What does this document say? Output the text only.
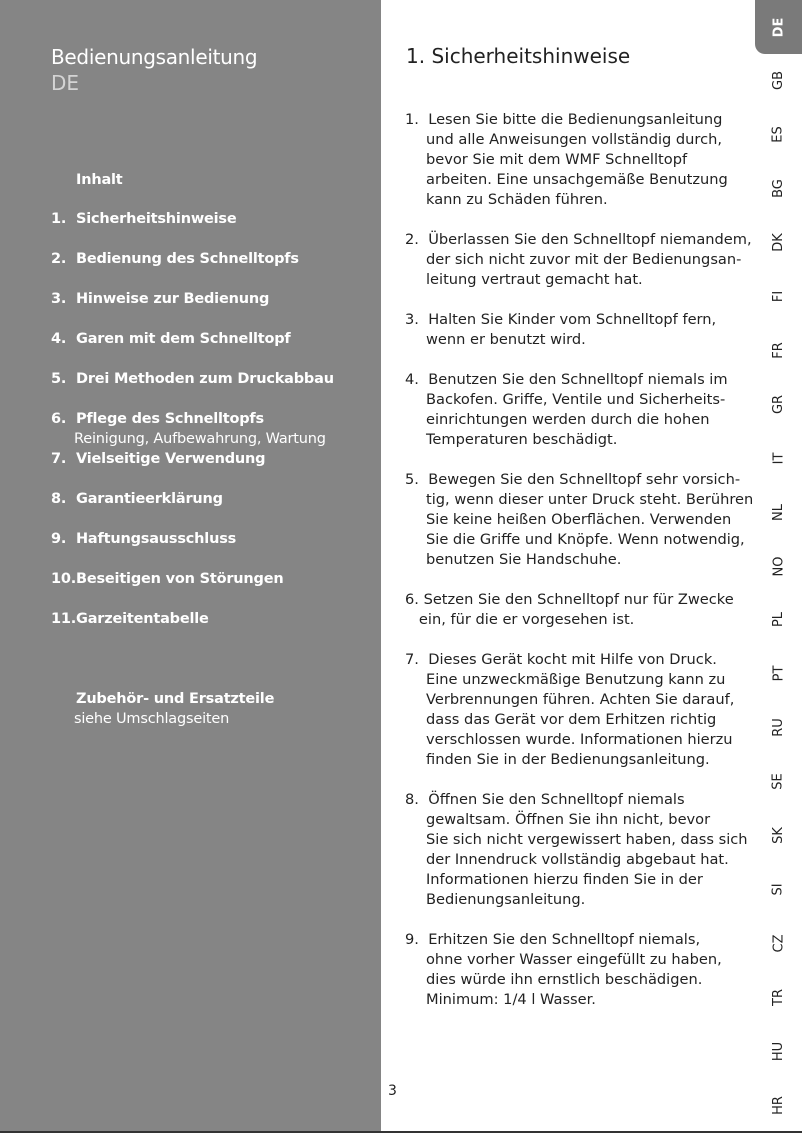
Bedienungsanleitung
DE
Inhalt
1. Sicherheitshinweise
2. Bedienung des Schnelltopfs
3. Hinweise zur Bedienung
4. Garen mit dem Schnelltopf
5. Drei Methoden zum Druckabbau
6. Pflege des Schnelltopfs
Reinigung, Aufbewahrung, Wartung
7. Vielseitige Verwendung
8. Garantieerklärung
9. Haftungsausschluss
10.Beseitigen von Störungen
11.Garzeitentabelle
Zubehör- und Ersatzteile
siehe Umschlagseiten
1. Sicherheitshinweise
1.  Lesen Sie bitte die Bedienungsanleitung
und alle Anweisungen vollständig durch,
bevor Sie mit dem WMF Schnelltopf
arbeiten. Eine unsachgemäße Benutzung
kann zu Schäden führen.
2.  Überlassen Sie den Schnelltopf niemandem,
der sich nicht zuvor mit der Bedienungsan-
leitung vertraut gemacht hat.
3.  Halten Sie Kinder vom Schnelltopf fern,
wenn er benutzt wird.
4.  Benutzen Sie den Schnelltopf niemals im
Backofen. Griffe, Ventile und Sicherheits-
einrichtungen werden durch die hohen
Temperaturen beschädigt.
5.  Bewegen Sie den Schnelltopf sehr vorsich-
tig, wenn dieser unter Druck steht. Berühren
Sie keine heißen Oberflächen. Verwenden
Sie die Griffe und Knöpfe. Wenn notwendig,
benutzen Sie Handschuhe.
6. Setzen Sie den Schnelltopf nur für Zwecke
ein, für die er vorgesehen ist.
7.  Dieses Gerät kocht mit Hilfe von Druck.
Eine unzweckmäßige Benutzung kann zu
Verbrennungen führen. Achten Sie darauf,
dass das Gerät vor dem Erhitzen richtig
verschlossen wurde. Informationen hierzu
finden Sie in der Bedienungsanleitung.
8.  Öffnen Sie den Schnelltopf niemals
gewaltsam. Öffnen Sie ihn nicht, bevor
Sie sich nicht vergewissert haben, dass sich
der Innendruck vollständig abgebaut hat.
Informationen hierzu finden Sie in der
Bedienungsanleitung.
9.  Erhitzen Sie den Schnelltopf niemals,
ohne vorher Wasser eingefüllt zu haben,
dies würde ihn ernstlich beschädigen.
Minimum: 1/4 l Wasser.
3
DE
GB
ES
BG
DK
FI
FR
GR
IT
NL
NO
PL
PT
RU
SE
SK
SI
CZ
TR
HU
HR
